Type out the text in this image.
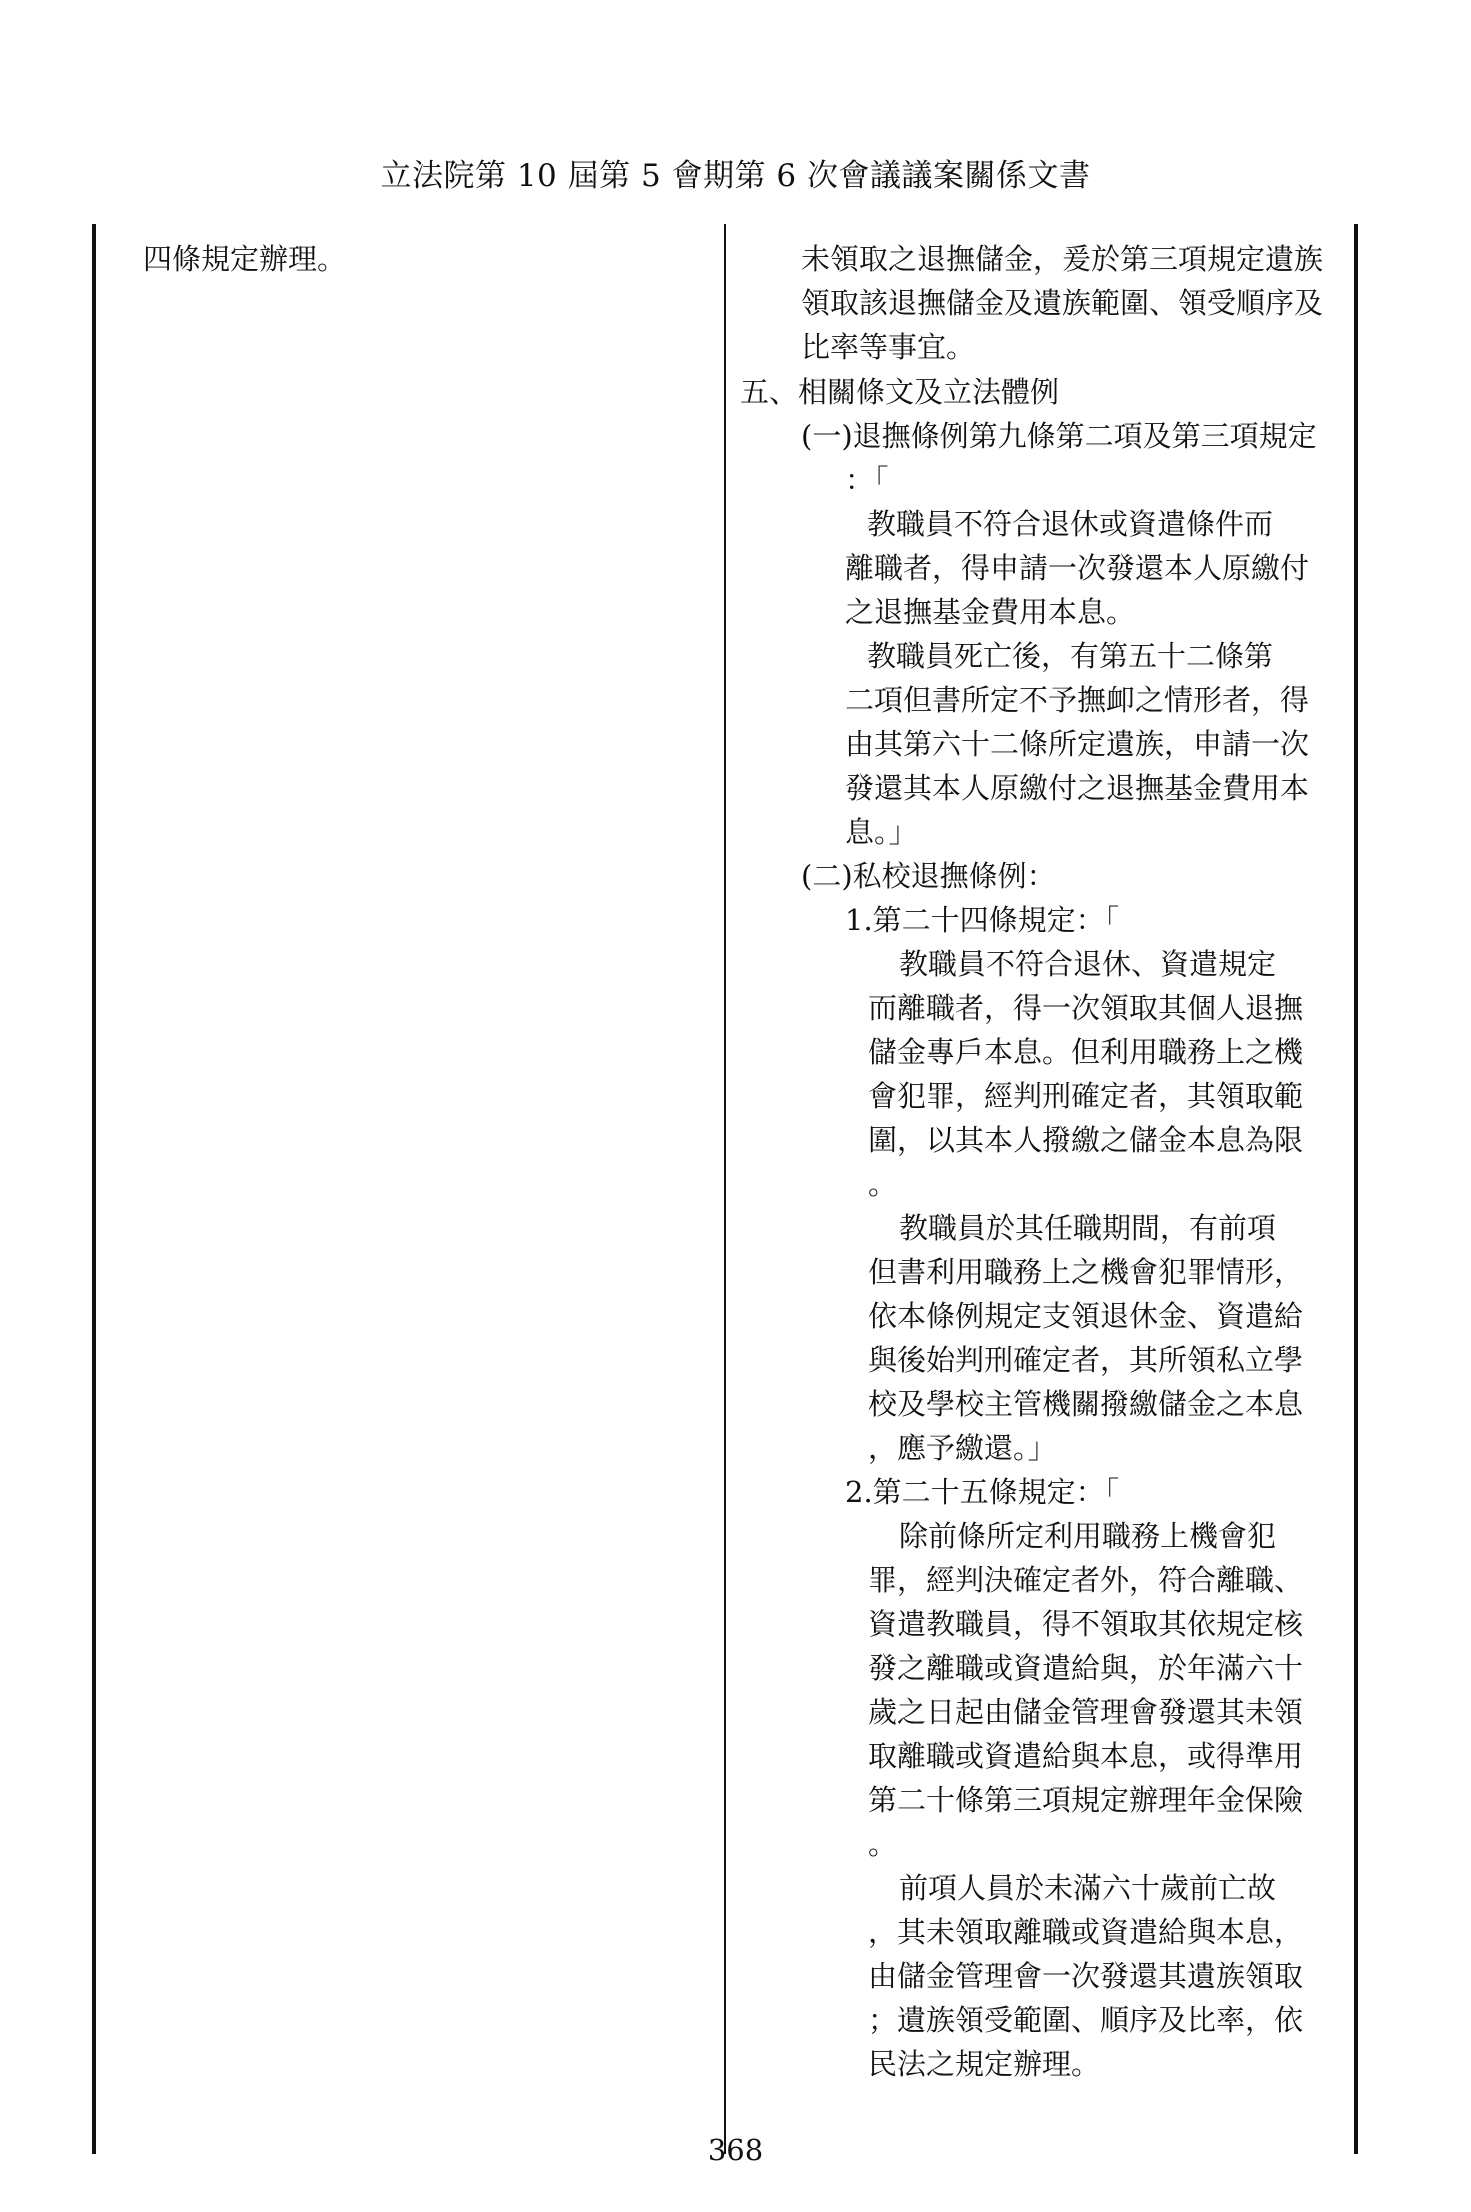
立法院第 10 屆第 5 會期第 6 次會議議案關係文書
四條規定辦理。	未領取之退撫儲金，爰於第三項規定遺族
領取該退撫儲金及遺族範圍、領受順序及
比率等事宜。
五、相關條文及立法體例
(一)退撫條例第九條第二項及第三項規定
：「
教職員不符合退休或資遣條件而
離職者，得申請一次發還本人原繳付
之退撫基金費用本息。
教職員死亡後，有第五十二條第
二項但書所定不予撫卹之情形者，得
由其第六十二條所定遺族，申請一次
發還其本人原繳付之退撫基金費用本
息。」
(二)私校退撫條例：
1.第二十四條規定：「
教職員不符合退休、資遣規定
而離職者，得一次領取其個人退撫
儲金專戶本息。但利用職務上之機
會犯罪，經判刑確定者，其領取範
圍，以其本人撥繳之儲金本息為限
。
教職員於其任職期間，有前項
但書利用職務上之機會犯罪情形，
依本條例規定支領退休金、資遣給
與後始判刑確定者，其所領私立學
校及學校主管機關撥繳儲金之本息
，應予繳還。」
2.第二十五條規定：「
除前條所定利用職務上機會犯
罪，經判決確定者外，符合離職、
資遣教職員，得不領取其依規定核
發之離職或資遣給與，於年滿六十
歲之日起由儲金管理會發還其未領
取離職或資遣給與本息，或得準用
第二十條第三項規定辦理年金保險
。
前項人員於未滿六十歲前亡故
，其未領取離職或資遣給與本息，
由儲金管理會一次發還其遺族領取
；遺族領受範圍、順序及比率，依
民法之規定辦理。
368
